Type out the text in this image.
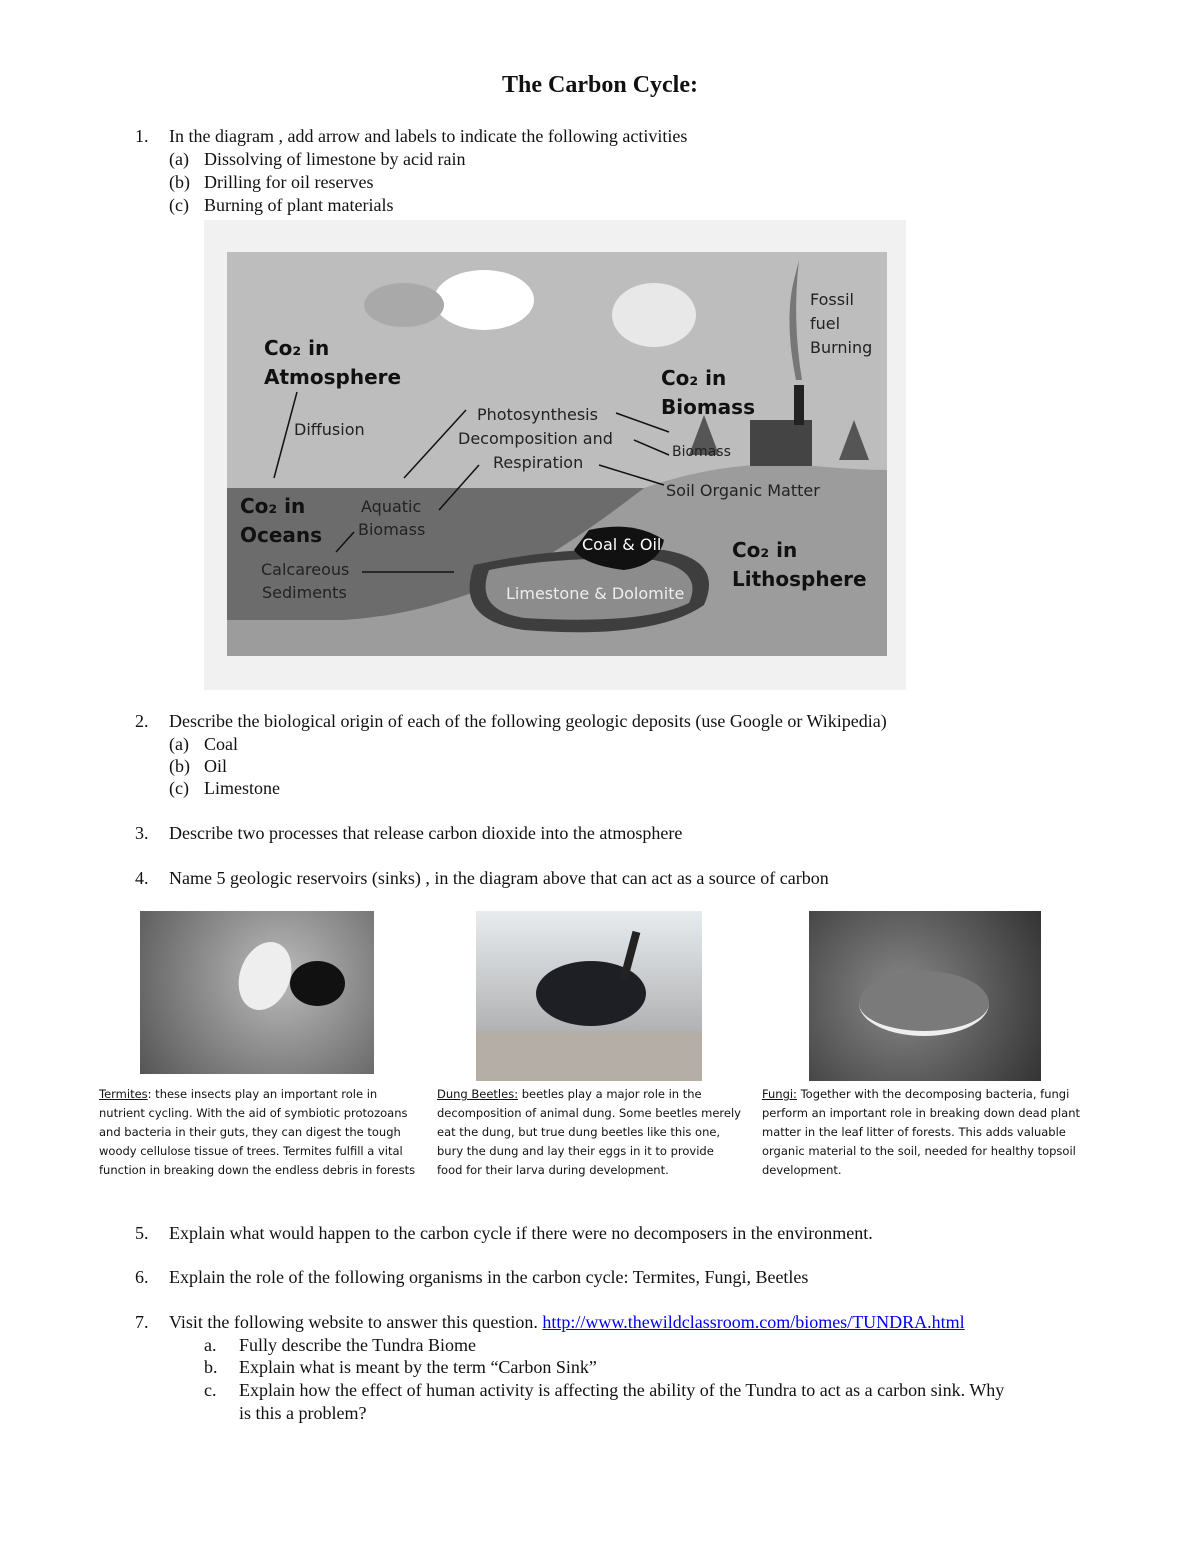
The Carbon Cycle:
1. In the diagram , add arrow and labels to indicate the following activities
(a) Dissolving of limestone by acid rain
(b) Drilling for oil reserves
(c) Burning of plant materials
Co₂ in
Atmosphere	Co₂ in
Biomass
Co₂ in
Oceans
Co₂ in
Lithosphere
Diffusion
Photosynthesis
Decomposition and
Respiration
Biomass
Fossil
fuel
Burning
Soil Organic Matter
Aquatic
Biomass
Calcareous
Sediments
Coal & Oil
Limestone & Dolomite
2. Describe the biological origin of each of the following geologic deposits (use Google or Wikipedia)
(a) Coal
(b) Oil
(c) Limestone
3. Describe two processes that release carbon dioxide into the atmosphere
4. Name 5 geologic reservoirs (sinks) , in the diagram above that can act as a source of carbon
Termites: these insects play an important role in nutrient cycling. With the aid of symbiotic protozoans and bacteria in their guts, they can digest the tough woody cellulose tissue of trees. Termites fulfill a vital function in breaking down the endless debris in forests
Dung Beetles: beetles play a major role in the decomposition of animal dung. Some beetles merely eat the dung, but true dung beetles like this one, bury the dung and lay their eggs in it to provide food for their larva during development.
Fungi: Together with the decomposing bacteria, fungi perform an important role in breaking down dead plant matter in the leaf litter of forests. This adds valuable organic material to the soil, needed for healthy topsoil development.
5. Explain what would happen to the carbon cycle if there were no decomposers in the environment.
6. Explain the role of the following organisms in the carbon cycle: Termites, Fungi, Beetles
7. Visit the following website to answer this question. http://www.thewildclassroom.com/biomes/TUNDRA.html
a. Fully describe the Tundra Biome
b. Explain what is meant by the term “Carbon Sink”
c. Explain how the effect of human activity is affecting the ability of the Tundra to act as a carbon sink. Why
is this a problem?
